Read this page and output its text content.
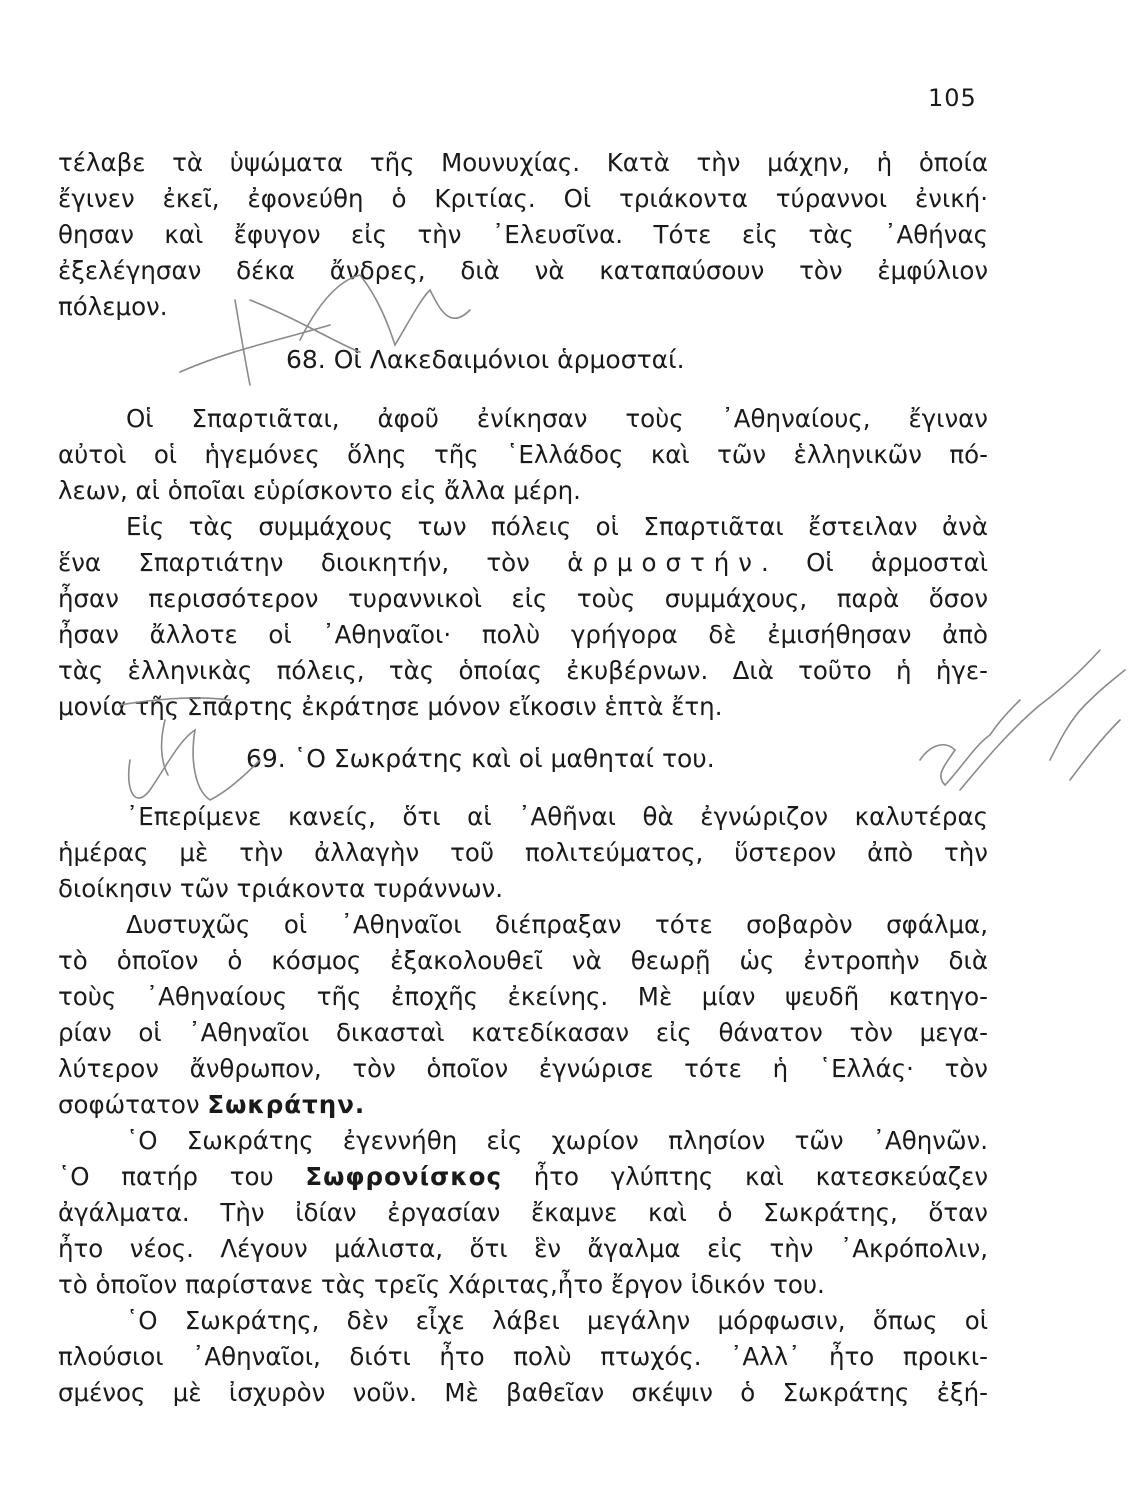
105
τέλαβε τὰ ὑψώματα τῆς Μουνυχίας. Κατὰ τὴν μάχην, ἡ ὁποία
ἔγινεν ἐκεῖ, ἐφονεύθη ὁ Κριτίας. Οἱ τριάκοντα τύραννοι ἐνική·
θησαν καὶ ἔφυγον εἰς τὴν ᾽Ελευσῖνα. Τότε εἰς τὰς ᾽Αθήνας
ἐξελέγησαν δέκα ἄνδρες, διὰ νὰ καταπαύσουν τὸν ἐμφύλιον
πόλεμον.
68. Οἱ Λακεδαιμόνιοι ἁρμοσταί.
Οἱ Σπαρτιᾶται, ἀφοῦ ἐνίκησαν τοὺς ᾽Αθηναίους, ἔγιναν
αὐτοὶ οἱ ἡγεμόνες ὅλης τῆς ῾Ελλάδος καὶ τῶν ἑλληνικῶν πό-
λεων, αἱ ὁποῖαι εὑρίσκοντο εἰς ἄλλα μέρη.
Εἰς τὰς συμμάχους των πόλεις οἱ Σπαρτιᾶται ἔστειλαν ἀνὰ
ἕνα Σπαρτιάτην διοικητήν, τὸν ἁρμοστήν. Οἱ ἁρμοσταὶ
ἦσαν περισσότερον τυραννικοὶ εἰς τοὺς συμμάχους, παρὰ ὅσον
ἦσαν ἄλλοτε οἱ ᾽Αθηναῖοι· πολὺ γρήγορα δὲ ἐμισήθησαν ἀπὸ
τὰς ἑλληνικὰς πόλεις, τὰς ὁποίας ἐκυβέρνων. Διὰ τοῦτο ἡ ἡγε-
μονία τῆς Σπάρτης ἐκράτησε μόνον εἴκοσιν ἑπτὰ ἔτη.
69. ῾Ο Σωκράτης καὶ οἱ μαθηταί του.
᾽Επερίμενε κανείς, ὅτι αἱ ᾽Αθῆναι θὰ ἐγνώριζον καλυτέρας
ἡμέρας μὲ τὴν ἀλλαγὴν τοῦ πολιτεύματος, ὕστερον ἀπὸ τὴν
διοίκησιν τῶν τριάκοντα τυράννων.
Δυστυχῶς οἱ ᾽Αθηναῖοι διέπραξαν τότε σοβαρὸν σφάλμα,
τὸ ὁποῖον ὁ κόσμος ἐξακολουθεῖ νὰ θεωρῇ ὡς ἐντροπὴν διὰ
τοὺς ᾽Αθηναίους τῆς ἐποχῆς ἐκείνης. Μὲ μίαν ψευδῆ κατηγο-
ρίαν οἱ ᾽Αθηναῖοι δικασταὶ κατεδίκασαν εἰς θάνατον τὸν μεγα-
λύτερον ἄνθρωπον, τὸν ὁποῖον ἐγνώρισε τότε ἡ ῾Ελλάς· τὸν
σοφώτατον Σωκράτην.
῾Ο Σωκράτης ἐγεννήθη εἰς χωρίον πλησίον τῶν ᾽Αθηνῶν.
῾Ο πατήρ του Σωφρονίσκος ἦτο γλύπτης καὶ κατεσκεύαζεν
ἀγάλματα. Τὴν ἰδίαν ἐργασίαν ἔκαμνε καὶ ὁ Σωκράτης, ὅταν
ἦτο νέος. Λέγουν μάλιστα, ὅτι ἓν ἄγαλμα εἰς τὴν ᾽Ακρόπολιν,
τὸ ὁποῖον παρίστανε τὰς τρεῖς Χάριτας,ἦτο ἔργον ἰδικόν του.
῾Ο Σωκράτης, δὲν εἶχε λάβει μεγάλην μόρφωσιν, ὅπως οἱ
πλούσιοι ᾽Αθηναῖοι, διότι ἦτο πολὺ πτωχός. ᾽Αλλ᾽ ἦτο προικι-
σμένος μὲ ἰσχυρὸν νοῦν. Μὲ βαθεῖαν σκέψιν ὁ Σωκράτης ἐξή-
